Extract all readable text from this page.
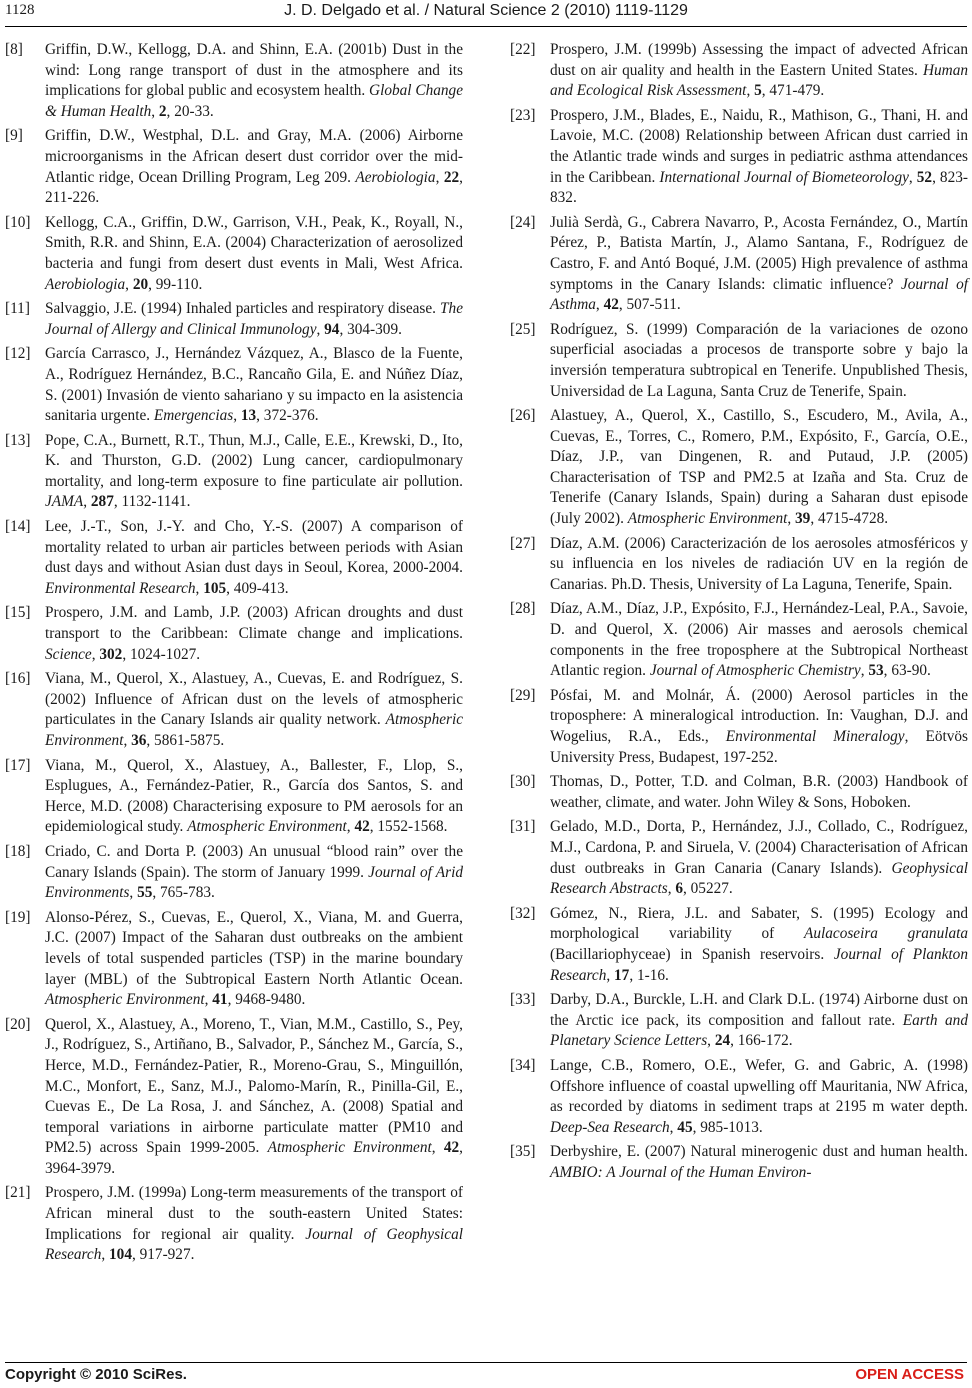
1128	J. D. Delgado et al. / Natural Science 2 (2010) 1119-1129
[8] Griffin, D.W., Kellogg, D.A. and Shinn, E.A. (2001b) Dust in the wind: Long range transport of dust in the atmosphere and its implications for global public and ecosystem health. Global Change & Human Health, 2, 20-33.
[9] Griffin, D.W., Westphal, D.L. and Gray, M.A. (2006) Airborne microorganisms in the African desert dust corridor over the mid-Atlantic ridge, Ocean Drilling Program, Leg 209. Aerobiologia, 22, 211-226.
[10] Kellogg, C.A., Griffin, D.W., Garrison, V.H., Peak, K., Royall, N., Smith, R.R. and Shinn, E.A. (2004) Characterization of aerosolized bacteria and fungi from desert dust events in Mali, West Africa. Aerobiologia, 20, 99-110.
[11] Salvaggio, J.E. (1994) Inhaled particles and respiratory disease. The Journal of Allergy and Clinical Immunology, 94, 304-309.
[12] García Carrasco, J., Hernández Vázquez, A., Blasco de la Fuente, A., Rodríguez Hernández, B.C., Rancaño Gila, E. and Núñez Díaz, S. (2001) Invasión de viento sahariano y su impacto en la asistencia sanitaria urgente. Emergencias, 13, 372-376.
[13] Pope, C.A., Burnett, R.T., Thun, M.J., Calle, E.E., Krewski, D., Ito, K. and Thurston, G.D. (2002) Lung cancer, cardiopulmonary mortality, and long-term exposure to fine particulate air pollution. JAMA, 287, 1132-1141.
[14] Lee, J.-T., Son, J.-Y. and Cho, Y.-S. (2007) A comparison of mortality related to urban air particles between periods with Asian dust days and without Asian dust days in Seoul, Korea, 2000-2004. Environmental Research, 105, 409-413.
[15] Prospero, J.M. and Lamb, J.P. (2003) African droughts and dust transport to the Caribbean: Climate change and implications. Science, 302, 1024-1027.
[16] Viana, M., Querol, X., Alastuey, A., Cuevas, E. and Rodríguez, S. (2002) Influence of African dust on the levels of atmospheric particulates in the Canary Islands air quality network. Atmospheric Environment, 36, 5861-5875.
[17] Viana, M., Querol, X., Alastuey, A., Ballester, F., Llop, S., Esplugues, A., Fernández-Patier, R., García dos Santos, S. and Herce, M.D. (2008) Characterising exposure to PM aerosols for an epidemiological study. Atmospheric Environment, 42, 1552-1568.
[18] Criado, C. and Dorta P. (2003) An unusual “blood rain” over the Canary Islands (Spain). The storm of January 1999. Journal of Arid Environments, 55, 765-783.
[19] Alonso-Pérez, S., Cuevas, E., Querol, X., Viana, M. and Guerra, J.C. (2007) Impact of the Saharan dust outbreaks on the ambient levels of total suspended particles (TSP) in the marine boundary layer (MBL) of the Subtropical Eastern North Atlantic Ocean. Atmospheric Environment, 41, 9468-9480.
[20] Querol, X., Alastuey, A., Moreno, T., Vian, M.M., Castillo, S., Pey, J., Rodríguez, S., Artiñano, B., Salvador, P., Sánchez M., García, S., Herce, M.D., Fernández-Patier, R., Moreno-Grau, S., Minguillón, M.C., Monfort, E., Sanz, M.J., Palomo-Marín, R., Pinilla-Gil, E., Cuevas E., De La Rosa, J. and Sánchez, A. (2008) Spatial and temporal variations in airborne particulate matter (PM10 and PM2.5) across Spain 1999-2005. Atmospheric Environment, 42, 3964-3979.
[21] Prospero, J.M. (1999a) Long-term measurements of the transport of African mineral dust to the south-eastern United States: Implications for regional air quality. Journal of Geophysical Research, 104, 917-927.
[22] Prospero, J.M. (1999b) Assessing the impact of advected African dust on air quality and health in the Eastern United States. Human and Ecological Risk Assessment, 5, 471-479.
[23] Prospero, J.M., Blades, E., Naidu, R., Mathison, G., Thani, H. and Lavoie, M.C. (2008) Relationship between African dust carried in the Atlantic trade winds and surges in pediatric asthma attendances in the Caribbean. International Journal of Biometeorology, 52, 823-832.
[24] Julià Serdà, G., Cabrera Navarro, P., Acosta Fernández, O., Martín Pérez, P., Batista Martín, J., Alamo Santana, F., Rodríguez de Castro, F. and Antó Boqué, J.M. (2005) High prevalence of asthma symptoms in the Canary Islands: climatic influence? Journal of Asthma, 42, 507-511.
[25] Rodríguez, S. (1999) Comparación de la variaciones de ozono superficial asociadas a procesos de transporte sobre y bajo la inversión temperatura subtropical en Tenerife. Unpublished Thesis, Universidad de La Laguna, Santa Cruz de Tenerife, Spain.
[26] Alastuey, A., Querol, X., Castillo, S., Escudero, M., Avila, A., Cuevas, E., Torres, C., Romero, P.M., Expósito, F., García, O.E., Díaz, J.P., van Dingenen, R. and Putaud, J.P. (2005) Characterisation of TSP and PM2.5 at Izaña and Sta. Cruz de Tenerife (Canary Islands, Spain) during a Saharan dust episode (July 2002). Atmospheric Environment, 39, 4715-4728.
[27] Díaz, A.M. (2006) Caracterización de los aerosoles atmosféricos y su influencia en los niveles de radiación UV en la región de Canarias. Ph.D. Thesis, University of La Laguna, Tenerife, Spain.
[28] Díaz, A.M., Díaz, J.P., Expósito, F.J., Hernández-Leal, P.A., Savoie, D. and Querol, X. (2006) Air masses and aerosols chemical components in the free troposphere at the Subtropical Northeast Atlantic region. Journal of Atmospheric Chemistry, 53, 63-90.
[29] Pósfai, M. and Molnár, Á. (2000) Aerosol particles in the troposphere: A mineralogical introduction. In: Vaughan, D.J. and Wogelius, R.A., Eds., Environmental Mineralogy, Eötvös University Press, Budapest, 197-252.
[30] Thomas, D., Potter, T.D. and Colman, B.R. (2003) Handbook of weather, climate, and water. John Wiley & Sons, Hoboken.
[31] Gelado, M.D., Dorta, P., Hernández, J.J., Collado, C., Rodríguez, M.J., Cardona, P. and Siruela, V. (2004) Characterisation of African dust outbreaks in Gran Canaria (Canary Islands). Geophysical Research Abstracts, 6, 05227.
[32] Gómez, N., Riera, J.L. and Sabater, S. (1995) Ecology and morphological variability of Aulacoseira granulata (Bacillariophyceae) in Spanish reservoirs. Journal of Plankton Research, 17, 1-16.
[33] Darby, D.A., Burckle, L.H. and Clark D.L. (1974) Airborne dust on the Arctic ice pack, its composition and fallout rate. Earth and Planetary Science Letters, 24, 166-172.
[34] Lange, C.B., Romero, O.E., Wefer, G. and Gabric, A. (1998) Offshore influence of coastal upwelling off Mauritania, NW Africa, as recorded by diatoms in sediment traps at 2195 m water depth. Deep-Sea Research, 45, 985-1013.
[35] Derbyshire, E. (2007) Natural minerogenic dust and human health. AMBIO: A Journal of the Human Environ-
Copyright © 2010 SciRes.	OPEN ACCESS
